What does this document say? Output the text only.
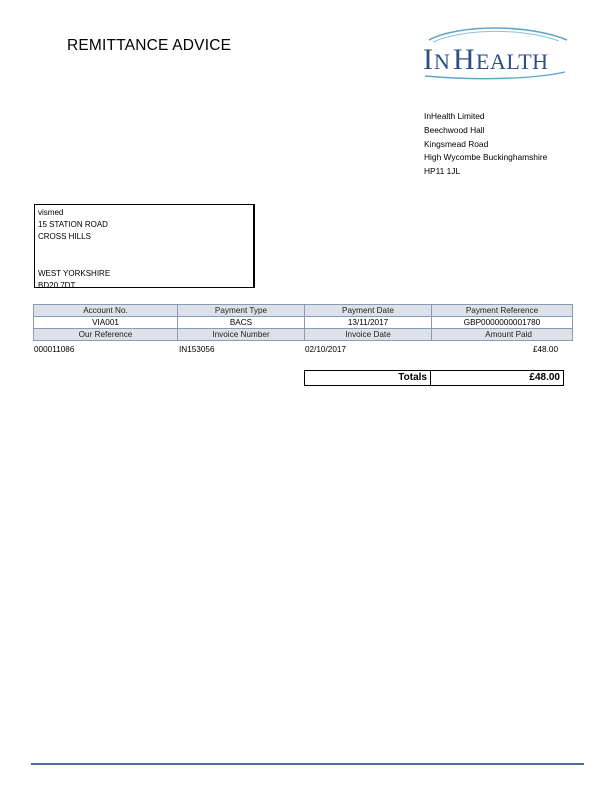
REMITTANCE ADVICE	I N H EALTH
InHealth Limited
Beechwood Hall
Kingsmead Road
High Wycombe Buckinghamshire
HP11 1JL
vismed
15 STATION ROAD
CROSS HILLS
WEST YORKSHIRE
BD20 7DT
Account No.	Payment Type	Payment Date	Payment Reference
VIA001	BACS	13/11/2017	GBP0000000001780
Our Reference	Invoice Number	Invoice Date	Amount Paid
000011086	IN153056	02/10/2017	£48.00
Totals	£48.00
